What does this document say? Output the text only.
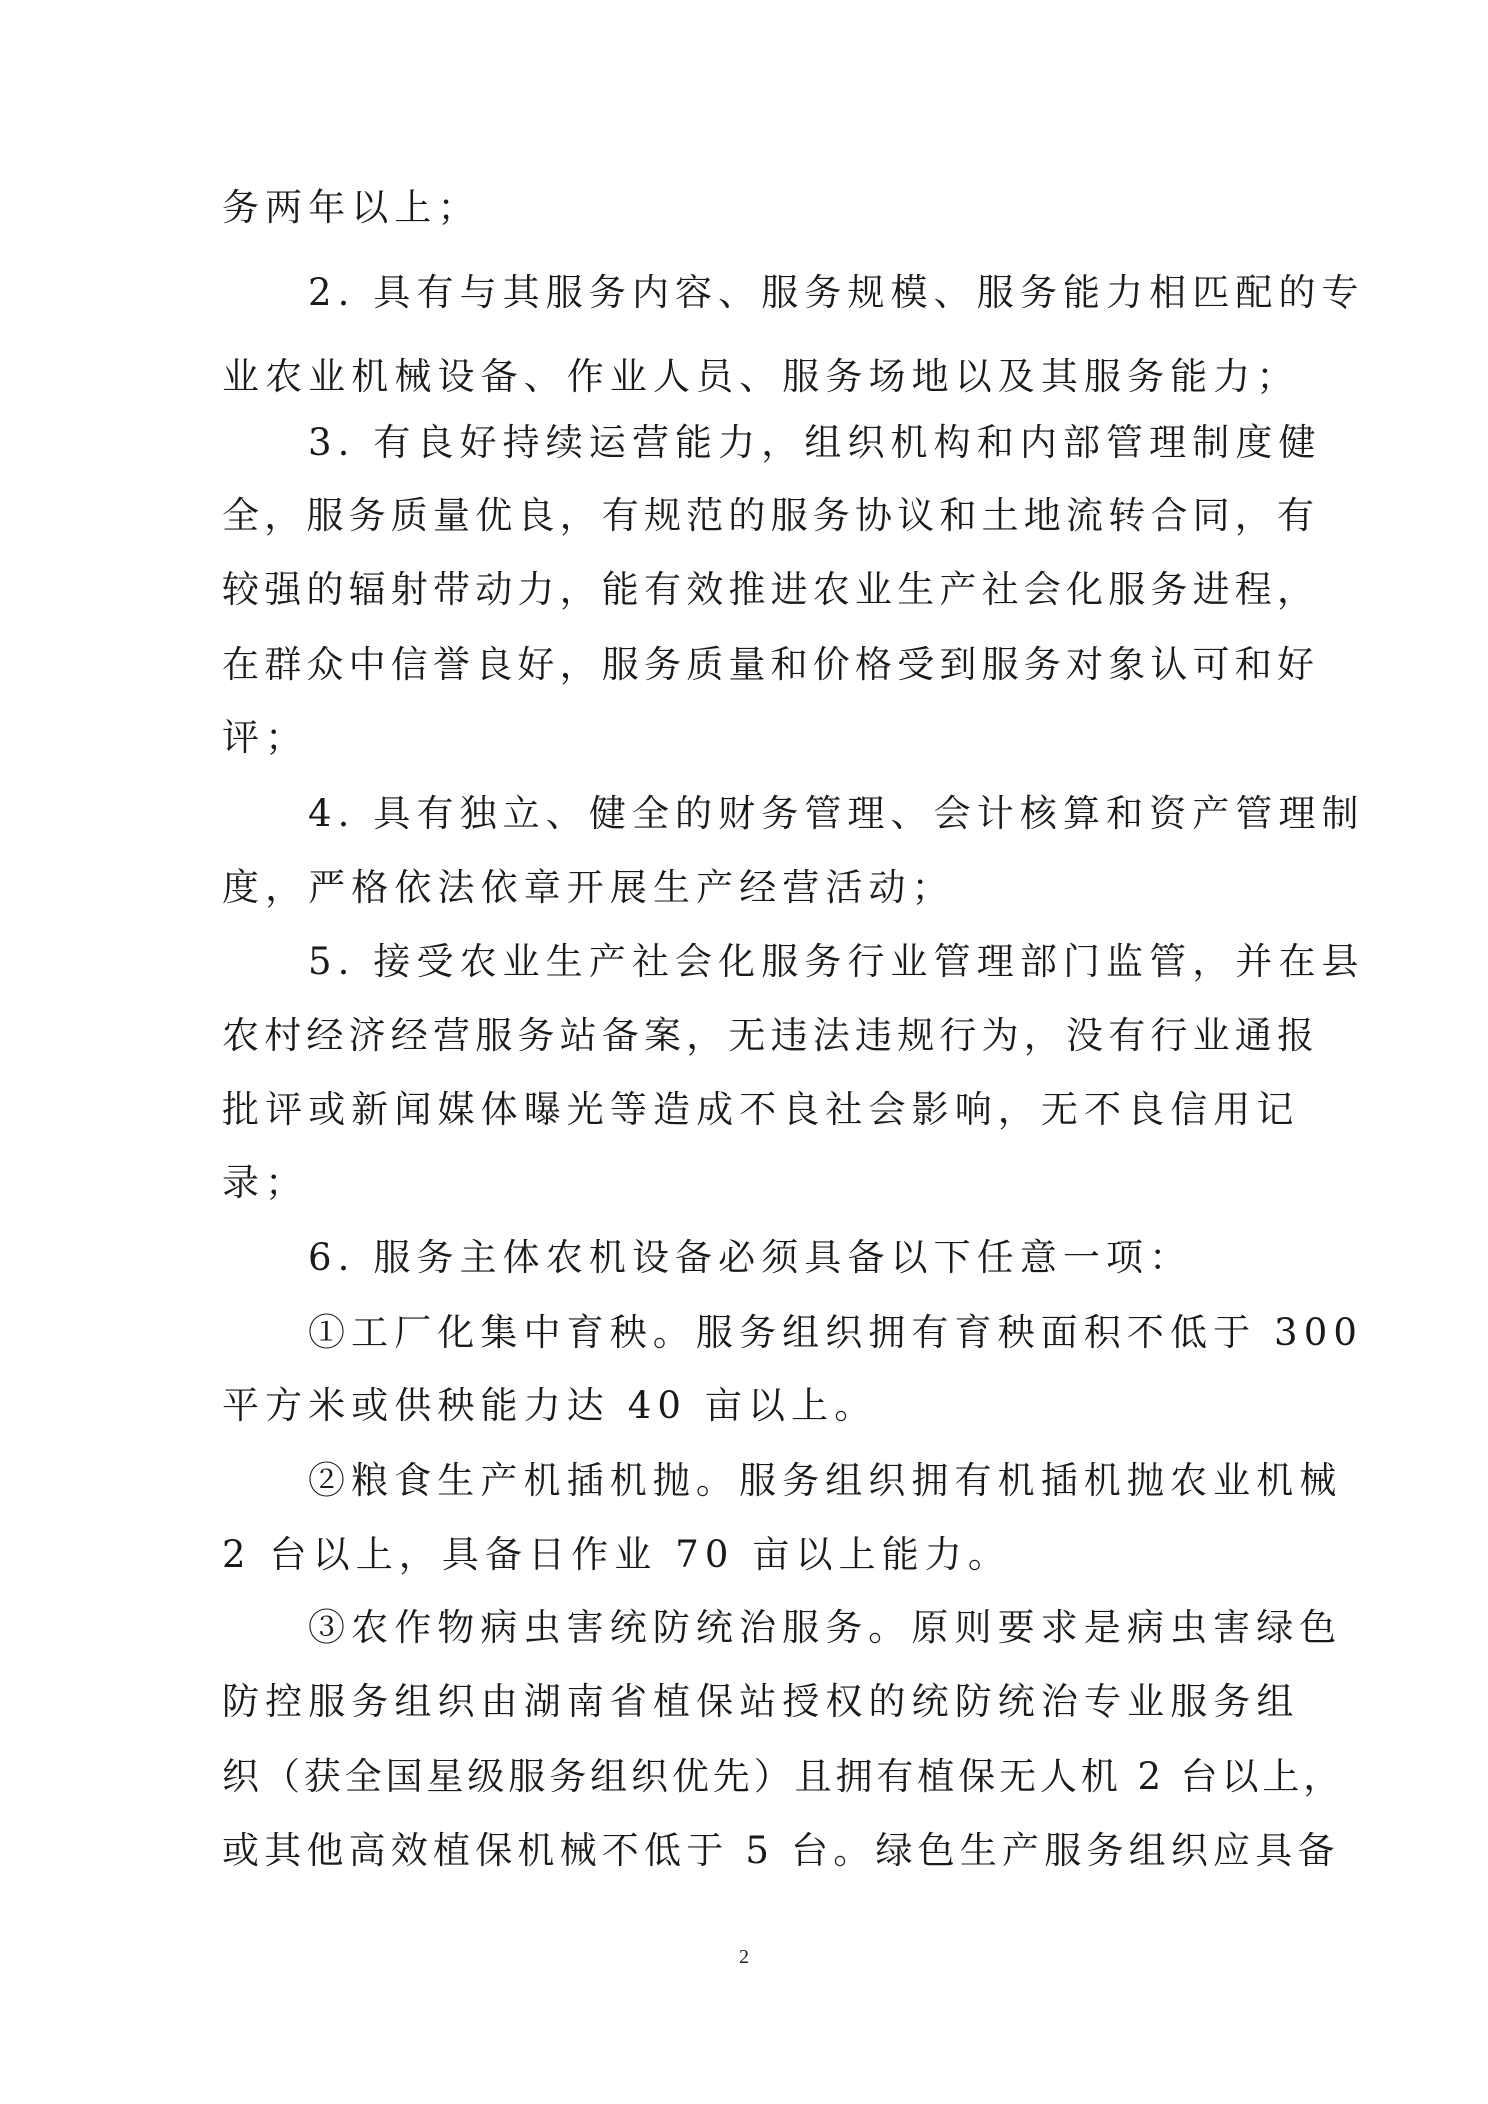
务两年以上；
2. 具有与其服务内容、服务规模、服务能力相匹配的专
业农业机械设备、作业人员、服务场地以及其服务能力；
3. 有良好持续运营能力，组织机构和内部管理制度健
全，服务质量优良，有规范的服务协议和土地流转合同，有
较强的辐射带动力，能有效推进农业生产社会化服务进程，
在群众中信誉良好，服务质量和价格受到服务对象认可和好
评；
4. 具有独立、健全的财务管理、会计核算和资产管理制
度，严格依法依章开展生产经营活动；
5. 接受农业生产社会化服务行业管理部门监管，并在县
农村经济经营服务站备案，无违法违规行为，没有行业通报
批评或新闻媒体曝光等造成不良社会影响，无不良信用记
录；
6. 服务主体农机设备必须具备以下任意一项：
①工厂化集中育秧。服务组织拥有育秧面积不低于 300
平方米或供秧能力达 40 亩以上。
②粮食生产机插机抛。服务组织拥有机插机抛农业机械
2 台以上，具备日作业 70 亩以上能力。
③农作物病虫害统防统治服务。原则要求是病虫害绿色
防控服务组织由湖南省植保站授权的统防统治专业服务组
织（获全国星级服务组织优先）且拥有植保无人机 2 台以上，
或其他高效植保机械不低于 5 台。绿色生产服务组织应具备
2
